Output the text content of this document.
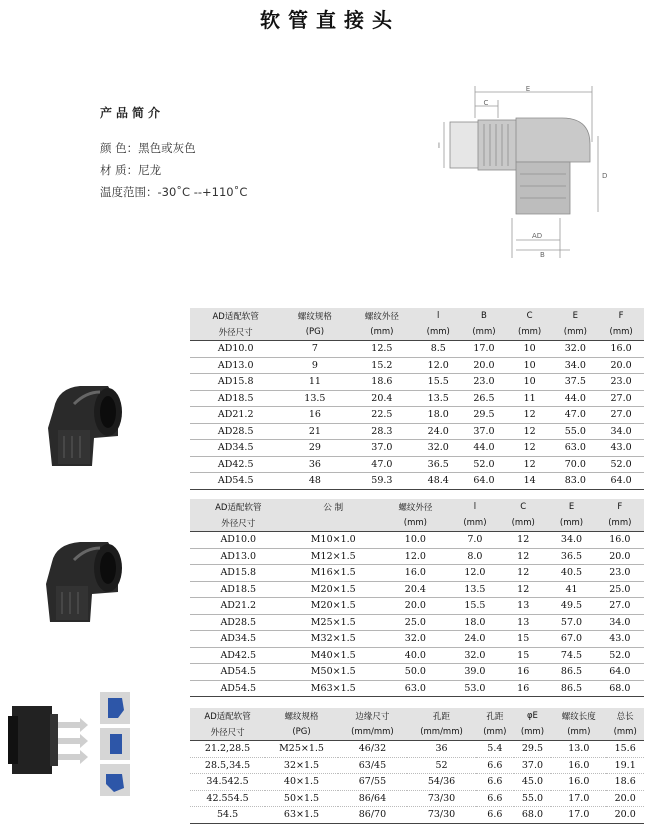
软管直接头
产品简介
颜 色：黑色或灰色
材 质：尼龙
温度范围：-30˚C --+110˚C
E
C
l
D
AD
B
AD适配软管	螺纹规格	螺纹外径	l	B	C	E	F
外径尺寸	(PG)	(mm)	(mm)	(mm)	(mm)	(mm)	(mm)
AD10.0	7	12.5	8.5	17.0	10	32.0	16.0
AD13.0	9	15.2	12.0	20.0	10	34.0	20.0
AD15.8	11	18.6	15.5	23.0	10	37.5	23.0
AD18.5	13.5	20.4	13.5	26.5	11	44.0	27.0
AD21.2	16	22.5	18.0	29.5	12	47.0	27.0
AD28.5	21	28.3	24.0	37.0	12	55.0	34.0
AD34.5	29	37.0	32.0	44.0	12	63.0	43.0
AD42.5	36	47.0	36.5	52.0	12	70.0	52.0
AD54.5	48	59.3	48.4	64.0	14	83.0	64.0
AD适配软管	公 制	螺纹外径	l	C	E	F
外径尺寸		(mm)	(mm)	(mm)	(mm)	(mm)
AD10.0	M10×1.0	10.0	7.0	12	34.0	16.0
AD13.0	M12×1.5	12.0	8.0	12	36.5	20.0
AD15.8	M16×1.5	16.0	12.0	12	40.5	23.0
AD18.5	M20×1.5	20.4	13.5	12	41	25.0
AD21.2	M20×1.5	20.0	15.5	13	49.5	27.0
AD28.5	M25×1.5	25.0	18.0	13	57.0	34.0
AD34.5	M32×1.5	32.0	24.0	15	67.0	43.0
AD42.5	M40×1.5	40.0	32.0	15	74.5	52.0
AD54.5	M50×1.5	50.0	39.0	16	86.5	64.0
AD54.5	M63×1.5	63.0	53.0	16	86.5	68.0
AD适配软管	螺纹规格	边缘尺寸	孔距	孔距	φE	螺纹长度	总长
外径尺寸	(PG)	(mm/mm)	(mm/mm)	(mm)	(mm)	(mm)	(mm)
21.2,28.5	M25×1.5	46/32	36	5.4	29.5	13.0	15.6
28.5,34.5	32×1.5	63/45	52	6.6	37.0	16.0	19.1
34.542.5	40×1.5	67/55	54/36	6.6	45.0	16.0	18.6
42.554.5	50×1.5	86/64	73/30	6.6	55.0	17.0	20.0
54.5	63×1.5	86/70	73/30	6.6	68.0	17.0	20.0
